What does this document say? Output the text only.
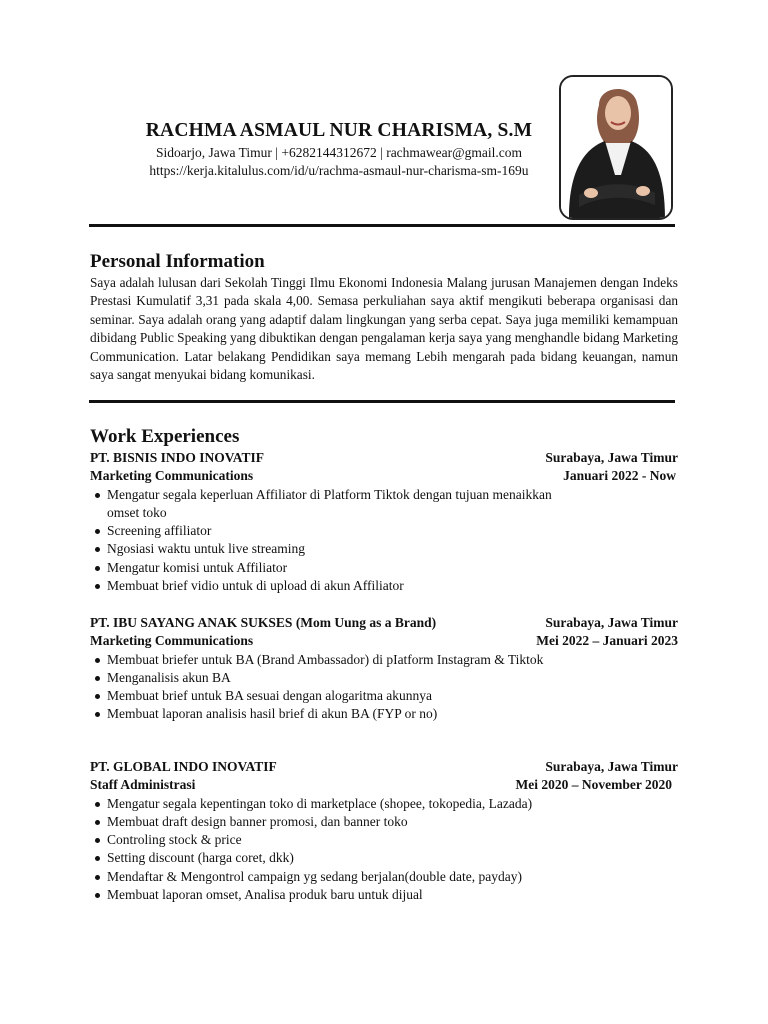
RACHMA ASMAUL NUR CHARISMA, S.M
Sidoarjo, Jawa Timur | +6282144312672 | rachmawear@gmail.com
https://kerja.kitalulus.com/id/u/rachma-asmaul-nur-charisma-sm-169u
Personal Information
Saya adalah lulusan dari Sekolah Tinggi Ilmu Ekonomi Indonesia Malang jurusan Manajemen dengan Indeks Prestasi Kumulatif 3,31 pada skala 4,00. Semasa perkuliahan saya aktif mengikuti beberapa organisasi dan seminar. Saya adalah orang yang adaptif dalam lingkungan yang serba cepat. Saya juga memiliki kemampuan dibidang Public Speaking yang dibuktikan dengan pengalaman kerja saya yang menghandle bidang Marketing Communication. Latar belakang Pendidikan saya memang Lebih mengarah pada bidang keuangan, namun saya sangat menyukai bidang komunikasi.
Work Experiences
PT. BISNIS INDO INOVATIF	Surabaya, Jawa Timur
Marketing Communications	Januari 2022 - Now
Mengatur segala keperluan Affiliator di Platform Tiktok dengan tujuan menaikkan omset toko
Screening affiliator
Ngosiasi waktu untuk live streaming
Mengatur komisi untuk Affiliator
Membuat brief vidio untuk di upload di akun Affiliator
PT. IBU SAYANG ANAK SUKSES (Mom Uung as a Brand)	Surabaya, Jawa Timur
Marketing Communications	Mei 2022 – Januari 2023
Membuat briefer untuk BA (Brand Ambassador) di pIatform Instagram & Tiktok
Menganalisis akun BA
Membuat brief untuk BA sesuai dengan alogaritma akunnya
Membuat laporan analisis hasil brief di akun BA (FYP or no)
PT. GLOBAL INDO INOVATIF	Surabaya, Jawa Timur
Staff Administrasi	Mei 2020 – November 2020
Mengatur segala kepentingan toko di marketplace (shopee, tokopedia, Lazada)
Membuat draft design banner promosi, dan banner toko
Controling stock & price
Setting discount (harga coret, dkk)
Mendaftar & Mengontrol campaign yg sedang berjalan(double date, payday)
Membuat laporan omset, Analisa produk baru untuk dijual
